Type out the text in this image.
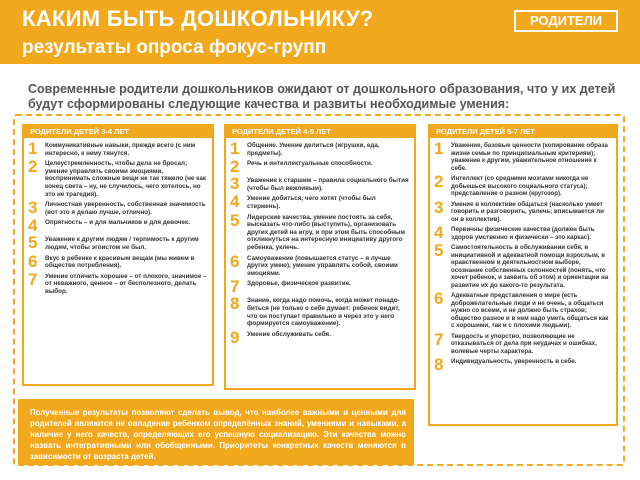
КАКИМ БЫТЬ ДОШКОЛЬНИКУ?
результаты опроса фокус-групп
РОДИТЕЛИ
Современные родители дошкольников ожидают от дошкольного образования, что у их детей будут сформированы следующие качества и развиты необходимые умения:
РОДИТЕЛИ ДЕТЕЙ 3-4 ЛЕТ
1	Коммуникативные навыки, прежде всего (с ним интересно, к нему тянутся.
2	Целеустремленность, чтобы дела не бросал; умение управлять своими эмоциями, воспринимать сложные вещи не так тяжело (не как конец света – ну, не случилось, чего хотелось, но это не трагедия).
3	Личностная уверенность, собственная значимость (вот это я делаю лучше, отлично).
4	Опрятность – и для мальчиков и для девочек.
5	Уважение к другим людям / терпимость к другим людям, чтобы эгоистом не был.
6	Вкус в ребенке к красивым вещам (мы живем в обществе потребления).
7	Умение отличить хорошее – от плохого, значимое – от неважного, ценное – от бесполезного, делать выбор.
РОДИТЕЛИ ДЕТЕЙ 4-5 ЛЕТ
1	Общение. Умение делиться (игрушки, еда, предметы).
2	Речь и интеллектуальные способности.
3	Уважение к старшим – правила социального бытия (чтобы был вежливым).
4	Умение добиться, чего хотят (чтобы был стержень).
5	Лидерские качества, умение постоять за себя, высказать что-либо (выступить), организовать других детей на игру, и при этом быть способным откликнуться на интересную инициативу другого ребенка, уклечь.
6	Самоуважение (повышается статус – я лучше других умею), умение управлять собой, своими эмоциями.
7	Здоровье, физическое развитие.
8	Знание, когда надо помочь, когда может понадо-биться (не только о себе думает: ребенок видит, что он поступает правильно и через это у него формируется самоуважение).
9	Умение обслуживать себя.
РОДИТЕЛИ ДЕТЕЙ 5-7 ЛЕТ
1	Уважение, базовые ценности (копирование образа жизни семьи по принципиальным критериям); уважение к другим, уважительное отношение к себе.
2	Интеллект (со средними мозгами никогда не добьешься высокого социального статуса); представление о разном (кругозор).
3	Умение в коллективе общаться (насколько умеет говорить и разговорить, увлечь; вписывается ли он в коллектив).
4	Первичны физические качества (должен быть здоров умственно и физически – это каркас).
5	Самостоятельность в обслуживании себя, в инициативной и адекватной помощи взрослым, в нравственном и деятельностном выборе, осознание собственных склонностей (понять, что хочет ребенок, и заявить об этом) и ориентации на развитие их до какого-то результата.
6	Адекватные представления о мире (есть доброжелательные люди и не очень, а общаться нужно со всеми, и не должно быть страхов; общество разное и в нем надо уметь общаться как с хорошими, так и с плохими людьми).
7	Твердость и упорство, позволяющие не отказываться от дела при неудачах и ошибках, волевые черты характера.
8	Индивидуальность, уверенность в себе.
Полученные результаты позволяют сделать вывод, что наиболее важными и ценными для родителей являются не овладение ребенком определённых знаний, умениями и навыками, а наличие у него качеств, определяющих его успешную социализацию. Эти качества можно назвать интегративными или обобщенными. Приоритеты конкретных качеств меняются в зависимости от возраста детей.
